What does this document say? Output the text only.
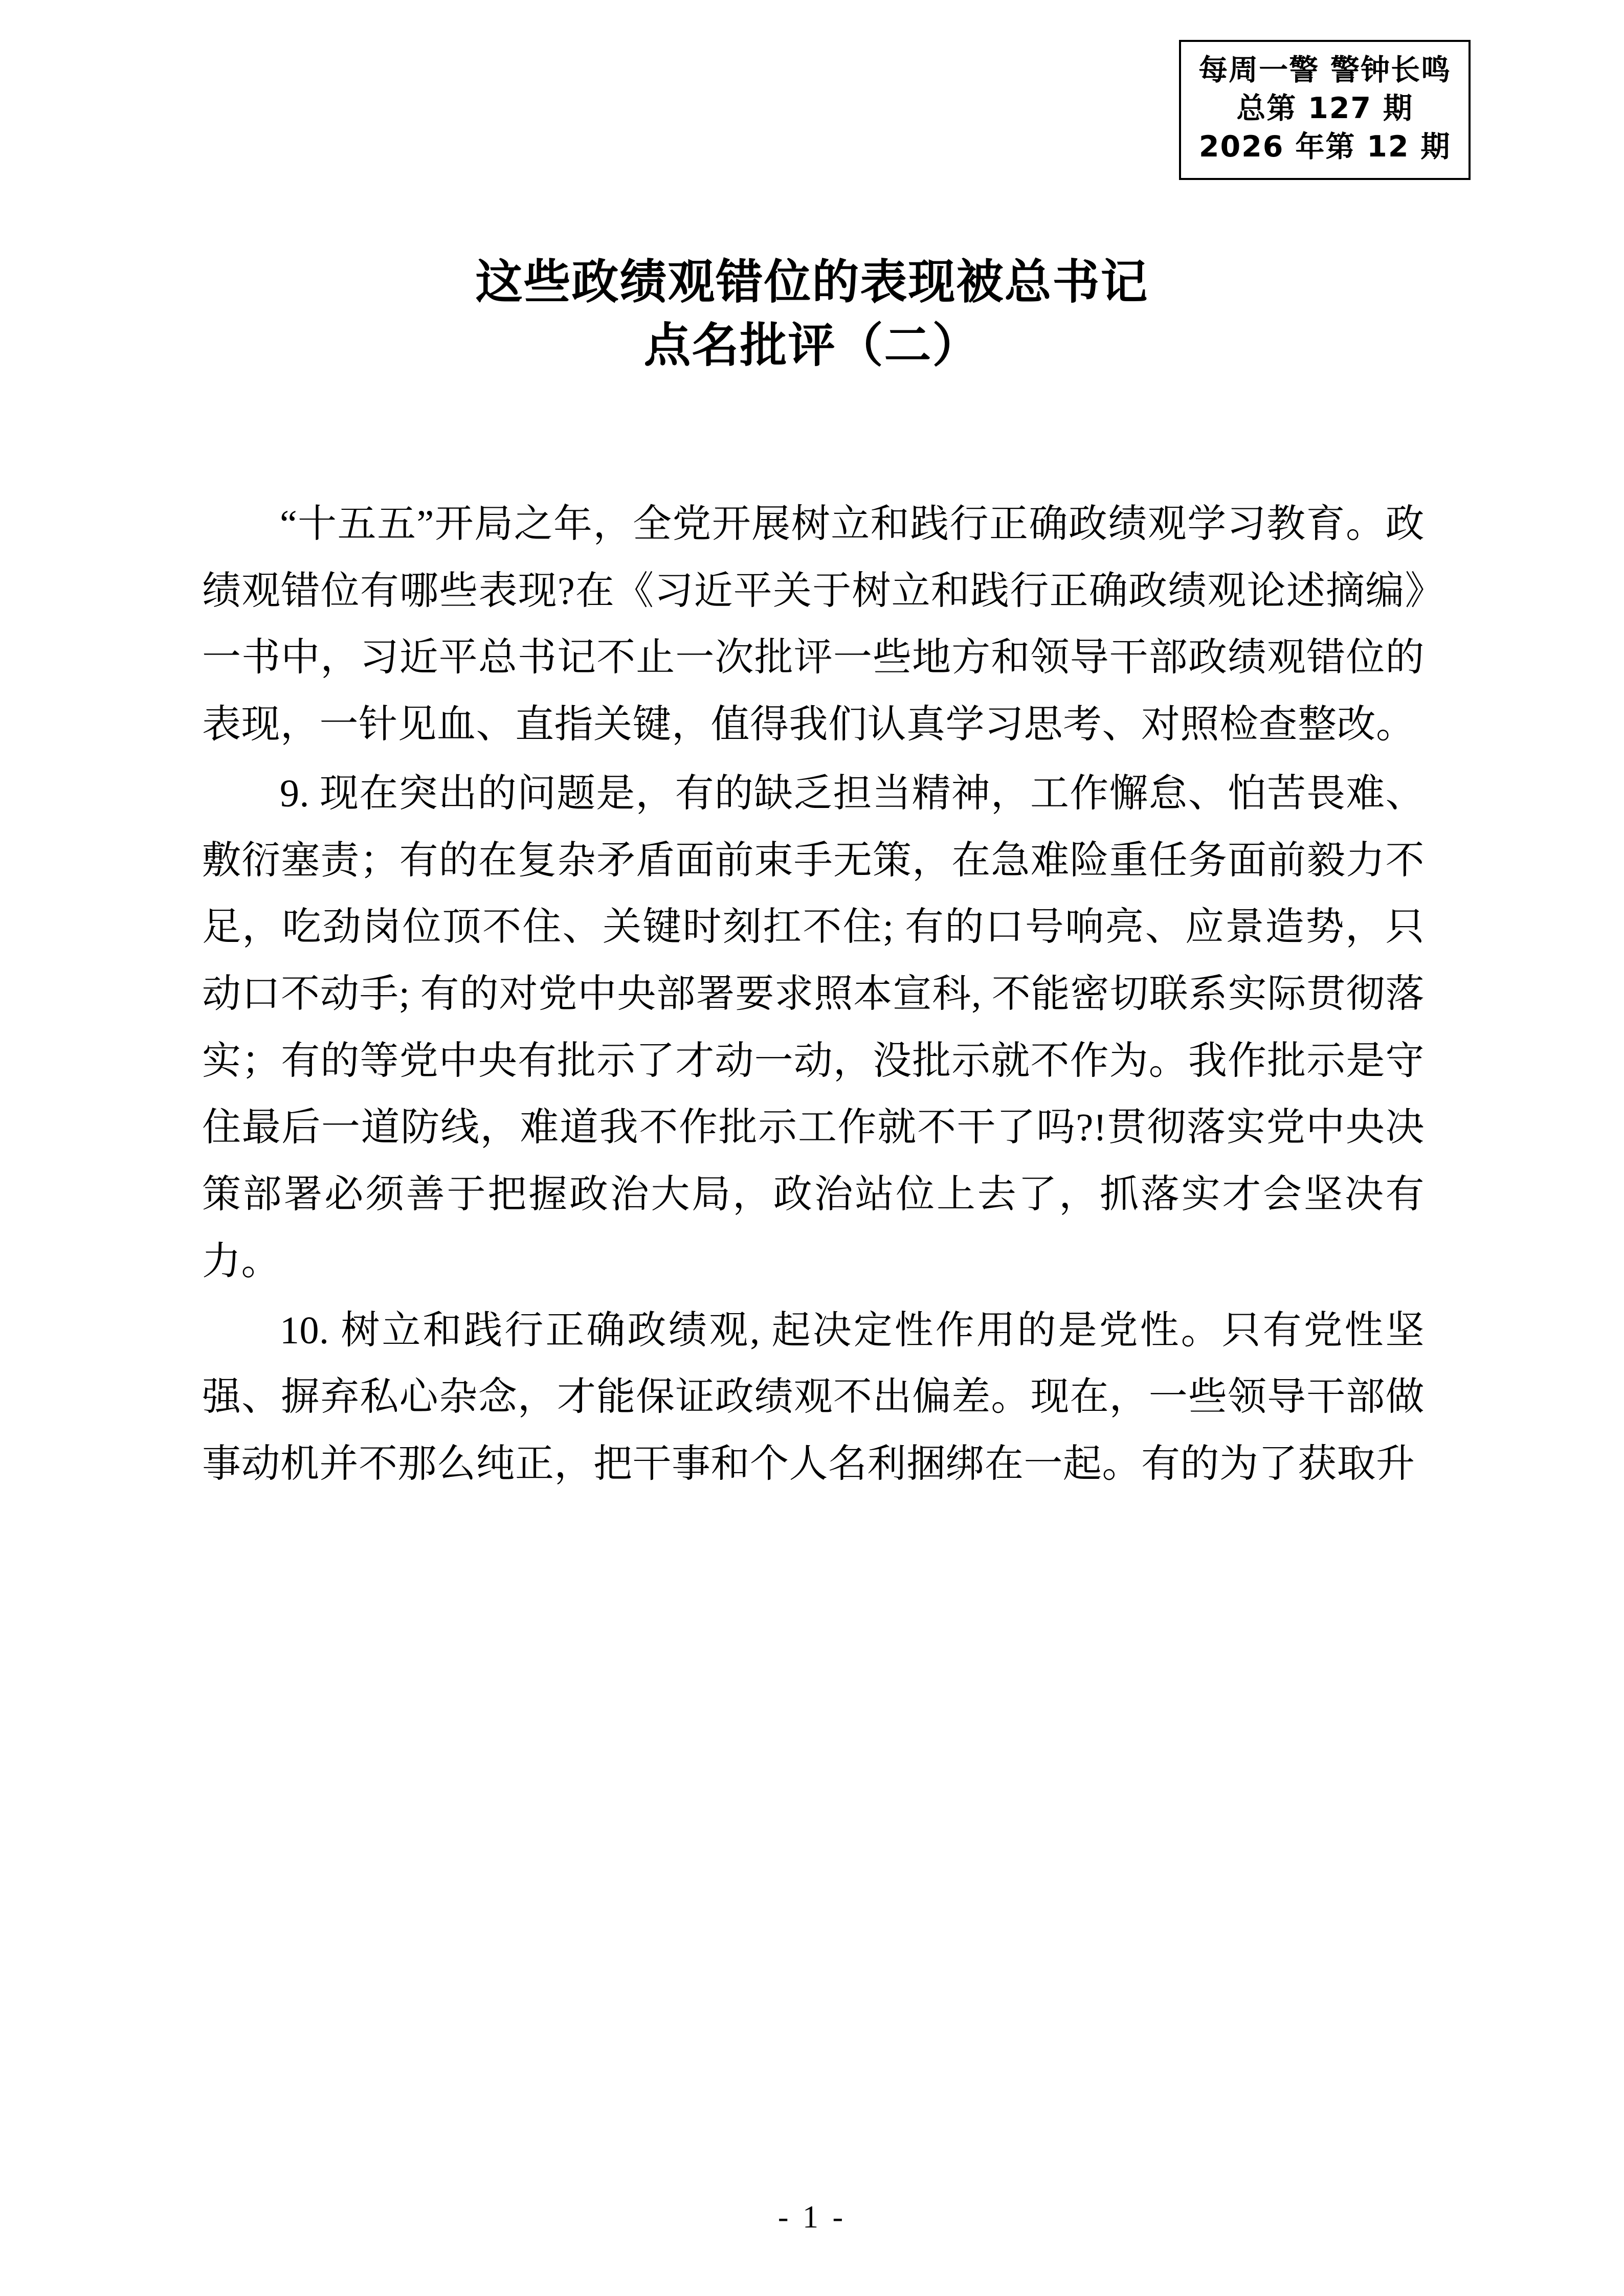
每周一警 警钟长鸣
总第 127 期
2026 年第 12 期
这些政绩观错位的表现被总书记
点名批评（二）

“十五五”开局之年，全党开展树立和践行正确政绩观学习教育。政绩观错位有哪些表现?在《习近平关于树立和践行正确政绩观论述摘编》一书中，习近平总书记不止一次批评一些地方和领导干部政绩观错位的表现，一针见血、直指关键，值得我们认真学习思考、对照检查整改。

9. 现在突出的问题是，有的缺乏担当精神，工作懈怠、怕苦畏难、敷衍塞责；有的在复杂矛盾面前束手无策，在急难险重任务面前毅力不足，吃劲岗位顶不住、关键时刻扛不住; 有的口号响亮、应景造势，只动口不动手; 有的对党中央部署要求照本宣科, 不能密切联系实际贯彻落实；有的等党中央有批示了才动一动，没批示就不作为。我作批示是守住最后一道防线，难道我不作批示工作就不干了吗?!贯彻落实党中央决策部署必须善于把握政治大局，政治站位上去了，抓落实才会坚决有力。

10. 树立和践行正确政绩观, 起决定性作用的是党性。只有党性坚强、摒弃私心杂念，才能保证政绩观不出偏差。现在，一些领导干部做事动机并不那么纯正，把干事和个人名利捆绑在一起。有的为了获取升

- 1 -
